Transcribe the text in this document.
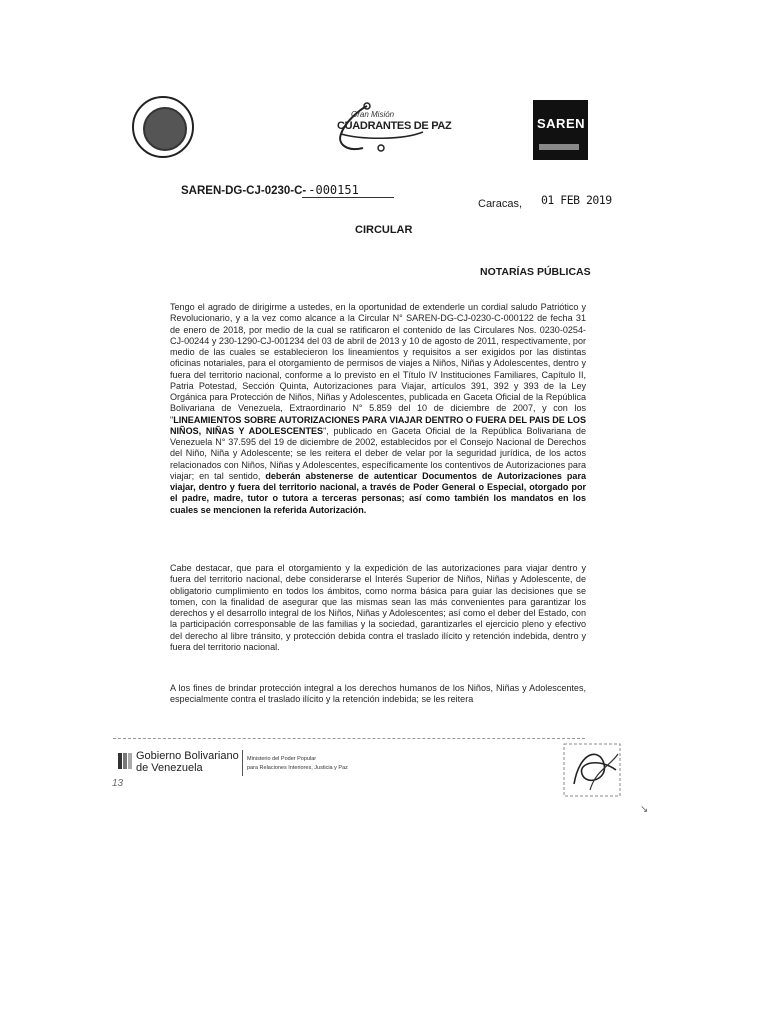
Gran Misión
CUADRANTES DE PAZ	SAREN
SAREN-DG-CJ-0230-C- -000151
Caracas, 01 FEB 2019
CIRCULAR
NOTARÍAS PÚBLICAS
Tengo el agrado de dirigirme a ustedes, en la oportunidad de extenderle un cordial saludo Patriótico y Revolucionario, y a la vez como alcance a la Circular N° SAREN-DG-CJ-0230-C-000122 de fecha 31 de enero de 2018, por medio de la cual se ratificaron el contenido de las Circulares Nos. 0230-0254-CJ-00244 y 230-1290-CJ-001234 del 03 de abril de 2013 y 10 de agosto de 2011, respectivamente, por medio de las cuales se establecieron los lineamientos y requisitos a ser exigidos por las distintas oficinas notariales, para el otorgamiento de permisos de viajes a Niños, Niñas y Adolescentes, dentro y fuera del territorio nacional, conforme a lo previsto en el Título IV Instituciones Familiares, Capítulo II, Patria Potestad, Sección Quinta, Autorizaciones para Viajar, artículos 391, 392 y 393 de la Ley Orgánica para Protección de Niños, Niñas y Adolescentes, publicada en Gaceta Oficial de la República Bolivariana de Venezuela, Extraordinario N° 5.859 del 10 de diciembre de 2007, y con los "LINEAMIENTOS SOBRE AUTORIZACIONES PARA VIAJAR DENTRO O FUERA DEL PAIS DE LOS NIÑOS, NIÑAS Y ADOLESCENTES", publicado en Gaceta Oficial de la República Bolivariana de Venezuela N° 37.595 del 19 de diciembre de 2002, establecidos por el Consejo Nacional de Derechos del Niño, Niña y Adolescente; se les reitera el deber de velar por la seguridad jurídica, de los actos relacionados con Niños, Niñas y Adolescentes, específicamente los contentivos de Autorizaciones para viajar; en tal sentido, deberán abstenerse de autenticar Documentos de Autorizaciones para viajar, dentro y fuera del territorio nacional, a través de Poder General o Especial, otorgado por el padre, madre, tutor o tutora a terceras personas; así como también los mandatos en los cuales se mencionen la referida Autorización.
Cabe destacar, que para el otorgamiento y la expedición de las autorizaciones para viajar dentro y fuera del territorio nacional, debe considerarse el Interés Superior de Niños, Niñas y Adolescente, de obligatorio cumplimiento en todos los ámbitos, como norma básica para guiar las decisiones que se tomen, con la finalidad de asegurar que las mismas sean las más convenientes para garantizar los derechos y el desarrollo integral de los Niños, Niñas y Adolescentes; así como el deber del Estado, con la participación corresponsable de las familias y la sociedad, garantizarles el ejercicio pleno y efectivo del derecho al libre tránsito, y protección debida contra el traslado ilícito y retención indebida, dentro y fuera del territorio nacional.
A los fines de brindar protección integral a los derechos humanos de los Niños, Niñas y Adolescentes, especialmente contra el traslado ilícito y la retención indebida; se les reitera
Gobierno Bolivariano
de Venezuela
Ministerio del Poder Popular
para Relaciones Interiores, Justicia y Paz
13
↘
